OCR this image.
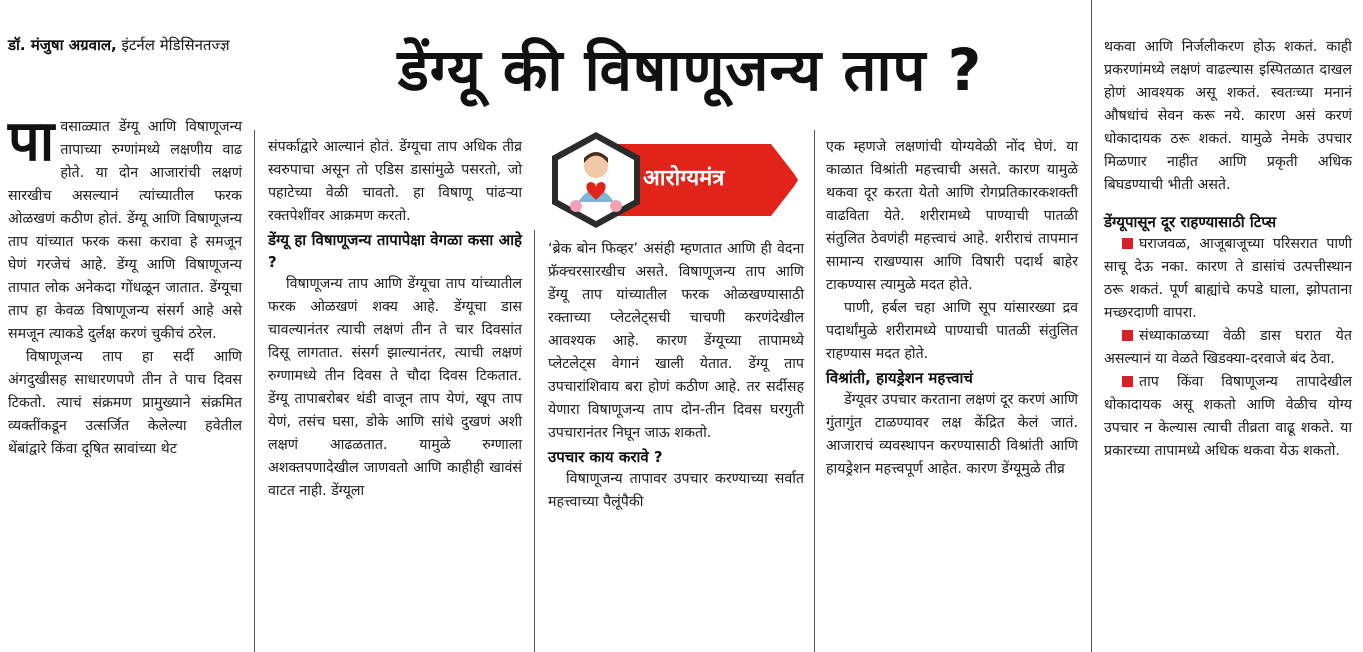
डॉ. मंजुषा अग्रवाल, इंटर्नल मेडिसिनतज्ज्ञ	डेंग्यू की विषाणूजन्य ताप ?
आरोग्यमंत्र

पावसाळ्यात डेंग्यू आणि विषाणूजन्य तापाच्या रुग्णांमध्ये लक्षणीय वाढ होते. या दोन आजारांची लक्षणं सारखीच असल्यानं त्यांच्यातील फरक ओळखणं कठीण होतं. डेंग्यू आणि विषाणूजन्य ताप यांच्यात फरक कसा करावा हे समजून घेणं गरजेचं आहे. डेंग्यू आणि विषाणूजन्य तापात लोक अनेकदा गोंधळून जातात. डेंग्यूचा ताप हा केवळ विषाणूजन्य संसर्ग आहे असे समजून त्याकडे दुर्लक्ष करणं चुकीचं ठरेल.

विषाणूजन्य ताप हा सर्दी आणि अंगदुखीसह साधारणपणे तीन ते पाच दिवस टिकतो. त्याचं संक्रमण प्रामुख्याने संक्रमित व्यक्तींकडून उत्सर्जित केलेल्या हवेतील थेंबांद्वारे किंवा दूषित स्रावांच्या थेट

संपर्काद्वारे आल्यानं होतं. डेंग्यूचा ताप अधिक तीव्र स्वरुपाचा असून तो एडिस डासांमुळे पसरतो, जो पहाटेच्या वेळी चावतो. हा विषाणू पांढऱ्या रक्तपेशींवर आक्रमण करतो.

डेंग्यू हा विषाणूजन्य तापापेक्षा वेगळा कसा आहे ?

विषाणूजन्य ताप आणि डेंग्यूचा ताप यांच्यातील फरक ओळखणं शक्य आहे. डेंग्यूचा डास चावल्यानंतर त्याची लक्षणं तीन ते चार दिवसांत दिसू लागतात. संसर्ग झाल्यानंतर, त्याची लक्षणं रुग्णामध्ये तीन दिवस ते चौदा दिवस टिकतात. डेंग्यू तापाबरोबर थंडी वाजून ताप येणं, खूप ताप येणं, तसंच घसा, डोके आणि सांधे दुखणं अशी लक्षणं आढळतात. यामुळे रुग्णाला अशक्तपणादेखील जाणवतो आणि काहीही खावंसं वाटत नाही. डेंग्यूला

‘ब्रेक बोन फिव्हर’ असंही म्हणतात आणि ही वेदना फ्रॅक्चरसारखीच असते. विषाणूजन्य ताप आणि डेंग्यू ताप यांच्यातील फरक ओळखण्यासाठी रक्ताच्या प्लेटलेट्सची चाचणी करणंदेखील आवश्यक आहे. कारण डेंग्यूच्या तापामध्ये प्लेटलेट्स वेगानं खाली येतात. डेंग्यू ताप उपचारांशिवाय बरा होणं कठीण आहे. तर सर्दीसह येणारा विषाणूजन्य ताप दोन-तीन दिवस घरगुती उपचारानंतर निघून जाऊ शकतो.

उपचार काय करावे ?

विषाणूजन्य तापावर उपचार करण्याच्या सर्वात महत्त्वाच्या पैलूंपैकी

एक म्हणजे लक्षणांची योग्यवेळी नोंद घेणं. या काळात विश्रांती महत्त्वाची असते. कारण यामुळे थकवा दूर करता येतो आणि रोगप्रतिकारकशक्ती वाढविता येते. शरीरामध्ये पाण्याची पातळी संतुलित ठेवणंही महत्त्वाचं आहे. शरीराचं तापमान सामान्य राखण्यास आणि विषारी पदार्थ बाहेर टाकण्यास त्यामुळे मदत होते.

पाणी, हर्बल चहा आणि सूप यांसारख्या द्रव पदार्थांमुळे शरीरामध्ये पाण्याची पातळी संतुलित राहण्यास मदत होते.

विश्रांती, हायड्रेशन महत्त्वाचं

डेंग्यूवर उपचार करताना लक्षणं दूर करणं आणि गुंतागुंत टाळण्यावर लक्ष केंद्रित केलं जातं. आजाराचं व्यवस्थापन करण्यासाठी विश्रांती आणि हायड्रेशन महत्त्वपूर्ण आहेत. कारण डेंग्यूमुळे तीव्र

थकवा आणि निर्जलीकरण होऊ शकतं. काही प्रकरणांमध्ये लक्षणं वाढल्यास इस्पितळात दाखल होणं आवश्यक असू शकतं. स्वतःच्या मनानं औषधांचं सेवन करू नये. कारण असं करणं धोकादायक ठरू शकतं. यामुळे नेमके उपचार मिळणार नाहीत आणि प्रकृती अधिक बिघडण्याची भीती असते.

डेंग्यूपासून दूर राहण्यासाठी टिप्स

घराजवळ, आजूबाजूच्या परिसरात पाणी साचू देऊ नका. कारण ते डासांचं उत्पत्तीस्थान ठरू शकतं. पूर्ण बाह्यांचे कपडे घाला, झोपताना मच्छरदाणी वापरा.

संध्याकाळच्या वेळी डास घरात येत असल्यानं या वेळते खिडक्या-दरवाजे बंद ठेवा.

ताप किंवा विषाणूजन्य तापादेखील धोकादायक असू शकतो आणि वेळीच योग्य उपचार न केल्यास त्याची तीव्रता वाढू शकते. या प्रकारच्या तापामध्ये अधिक थकवा येऊ शकतो.
